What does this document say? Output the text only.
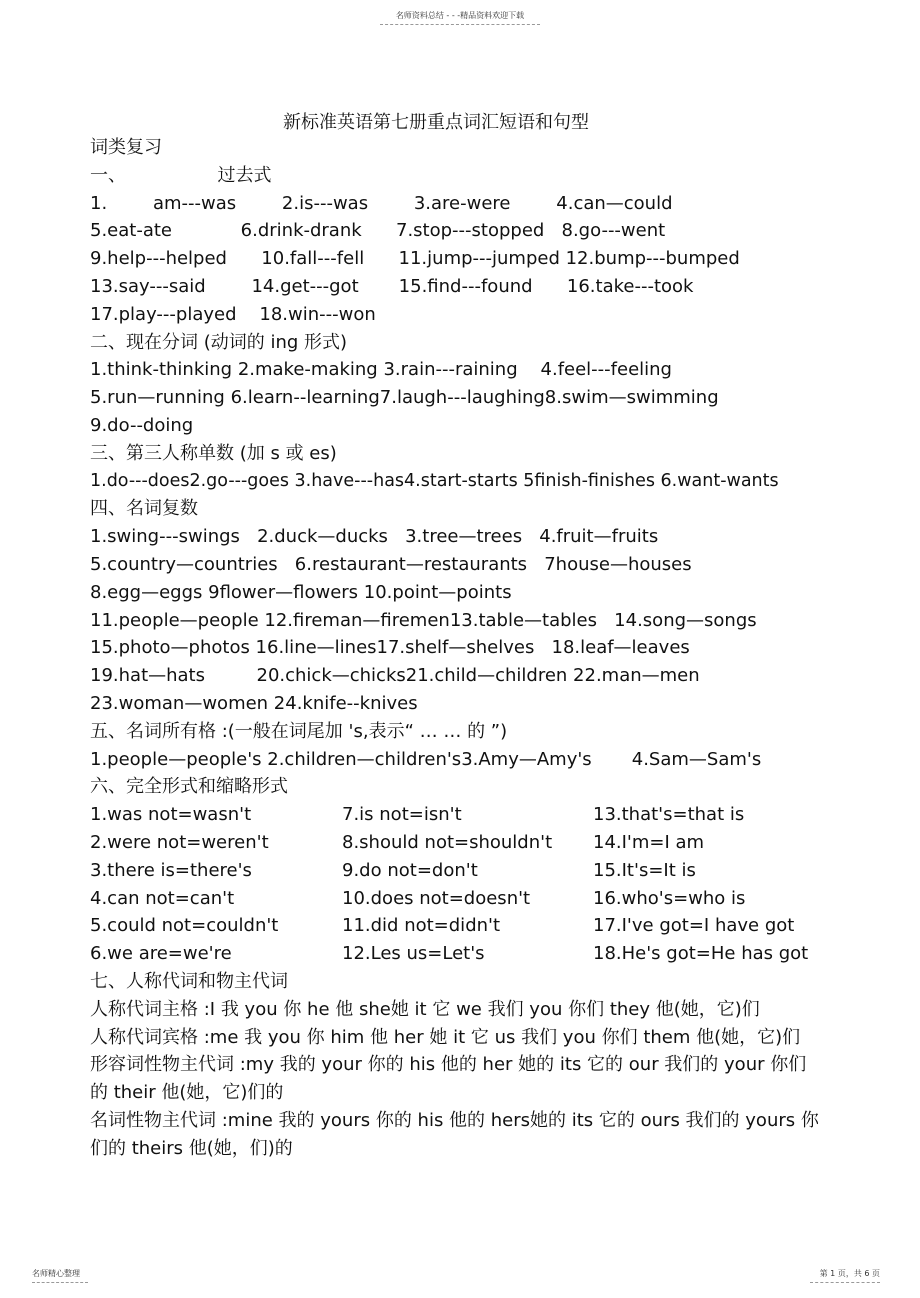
名师资料总结 - - -精品资料欢迎下载
新标准英语第七册重点词汇短语和句型
词类复习
一、                过去式
1.        am---was        2.is---was        3.are-were        4.can—could
5.eat-ate            6.drink-drank      7.stop---stopped   8.go---went
9.help---helped      10.fall---fell      11.jump---jumped 12.bump---bumped
13.say---said        14.get---got       15.find---found      16.take---took
17.play---played    18.win---won
二、现在分词 (动词的 ing 形式)
1.think-thinking 2.make-making 3.rain---raining    4.feel---feeling
5.run—running 6.learn--learning7.laugh---laughing8.swim—swimming
9.do--doing
三、第三人称单数 (加 s 或 es)
1.do---does2.go---goes 3.have---has4.start-starts 5finish-finishes 6.want-wants
四、名词复数
1.swing---swings   2.duck—ducks   3.tree—trees   4.fruit—fruits
5.country—countries   6.restaurant—restaurants   7house—houses
8.egg—eggs 9flower—flowers 10.point—points
11.people—people 12.fireman—firemen13.table—tables   14.song—songs
15.photo—photos 16.line—lines17.shelf—shelves   18.leaf—leaves
19.hat—hats         20.chick—chicks21.child—children 22.man—men
23.woman—women 24.knife--knives
五、名词所有格 :(一般在词尾加 's,表示“ … … 的 ”)
1.people—people's 2.children—children's3.Amy—Amy's       4.Sam—Sam's
六、完全形式和缩略形式
1.was not=wasn't	7.is not=isn't	13.that's=that is
2.were not=weren't	8.should not=shouldn't	14.I'm=I am
3.there is=there's	9.do not=don't	15.It's=It is
4.can not=can't	10.does not=doesn't	16.who's=who is
5.could not=couldn't	11.did not=didn't	17.I've got=I have got
6.we are=we're	12.Les us=Let's	18.He's got=He has got
七、人称代词和物主代词
人称代词主格 :I 我 you 你 he 他 she她 it 它 we 我们 you 你们 they 他(她，它)们
人称代词宾格 :me 我 you 你 him 他 her 她 it 它 us 我们 you 你们 them 他(她，它)们
形容词性物主代词 :my 我的 your 你的 his 他的 her 她的 its 它的 our 我们的 your 你们的 their 他(她，它)们的
名词性物主代词 :mine 我的 yours 你的 his 他的 hers她的 its 它的 ours 我们的 yours 你们的 theirs 他(她，们)的
名师精心整理	第 1 页，共 6 页
